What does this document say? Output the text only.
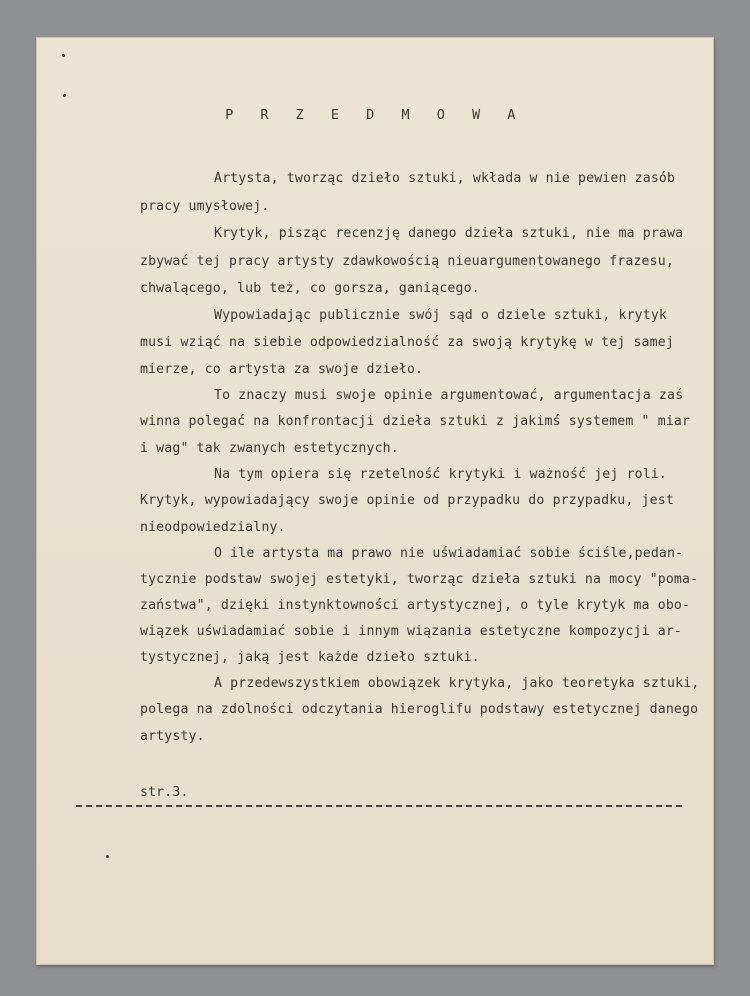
P R Z E D M O W A
Artysta, tworząc dzieło sztuki, wkłada w nie pewien zasób
pracy umysłowej.
Krytyk, pisząc recenzję danego dzieła sztuki, nie ma prawa
zbywać tej pracy artysty zdawkowością nieuargumentowanego frazesu,
chwalącego, lub też, co gorsza, ganiącego.
Wypowiadając publicznie swój sąd o dziele sztuki, krytyk
musi wziąć na siebie odpowiedzialność za swoją krytykę w tej samej
mierze, co artysta za swoje dzieło.
To znaczy musi swoje opinie argumentować, argumentacja zaś
winna polegać na konfrontacji dzieła sztuki z jakimś systemem " miar
i wag" tak zwanych estetycznych.
Na tym opiera się rzetelność krytyki i ważność jej roli.
Krytyk, wypowiadający swoje opinie od przypadku do przypadku, jest
nieodpowiedzialny.
O ile artysta ma prawo nie uświadamiać sobie ściśle,pedan-
tycznie podstaw swojej estetyki, tworząc dzieła sztuki na mocy "poma-
zaństwa", dzięki instynktowności artystycznej, o tyle krytyk ma obo-
wiązek uświadamiać sobie i innym wiązania estetyczne kompozycji ar-
tystycznej, jaką jest każde dzieło sztuki.
A przedewszystkiem obowiązek krytyka, jako teoretyka sztuki,
polega na zdolności odczytania hieroglifu podstawy estetycznej danego
artysty.
str.3.
